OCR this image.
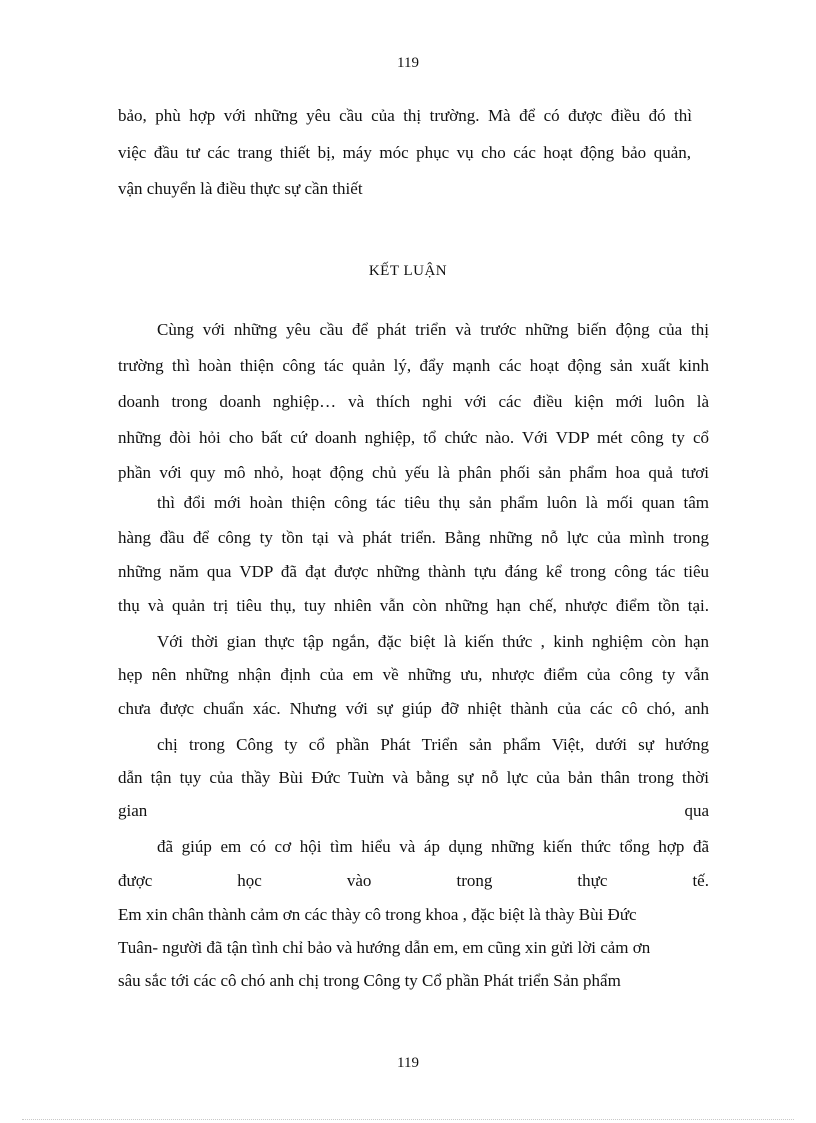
119
bảo, phù hợp với những yêu cầu của thị trường. Mà để có được điều đó thì
việc đầu tư các trang thiết bị, máy móc phục vụ cho các hoạt động bảo quản,
vận chuyển là điều thực sự cần thiết
KẾT LUẬN
Cùng với những yêu cầu để phát triển và trước những biến động của thị
trường thì hoàn thiện công tác quản lý, đẩy mạnh các hoạt động sản xuất kinh
doanh trong doanh nghiệp… và thích nghi với các điều kiện mới luôn là
những đòi hỏi cho bất cứ doanh nghiệp, tổ chức nào. Với VDP mét công ty cổ
phần với quy mô nhỏ, hoạt động chủ yếu là phân phối sản phẩm hoa quả tươi
thì đổi mới hoàn thiện công tác tiêu thụ sản phẩm luôn là mối quan tâm
hàng đầu để công ty tồn tại và phát triển. Bằng những nỗ lực của mình trong
những năm qua VDP đã đạt được những thành tựu đáng kể trong công tác tiêu
thụ và quản trị tiêu thụ, tuy nhiên vẫn còn những hạn chế, nhược điểm tồn tại.
Với thời gian thực tập ngắn, đặc biệt là kiến thức , kinh nghiệm còn hạn
hẹp nên những nhận định của em về những ưu, nhược điểm của công ty vẫn
chưa được chuẩn xác. Nhưng với sự giúp đỡ nhiệt thành của các cô chó, anh
chị trong Công ty cổ phần Phát Triển sản phẩm Việt, dưới sự hướng
dẫn tận tụy của thầy Bùi Đức Tuừn và bằng sự nỗ lực của bản thân trong thời
gian	qua
đã giúp em có cơ hội tìm hiểu và áp dụng những kiến thức tổng hợp đã
được	học	vào	trong	thực	tế.
Em xin chân thành cảm ơn các thày cô trong khoa , đặc biệt là thày Bùi Đức
Tuân- người đã tận tình chỉ bảo và hướng dẫn em, em cũng xin gửi lời cảm ơn
sâu sắc tới các cô chó anh chị trong Công ty Cổ phần Phát triển Sản phẩm
119
